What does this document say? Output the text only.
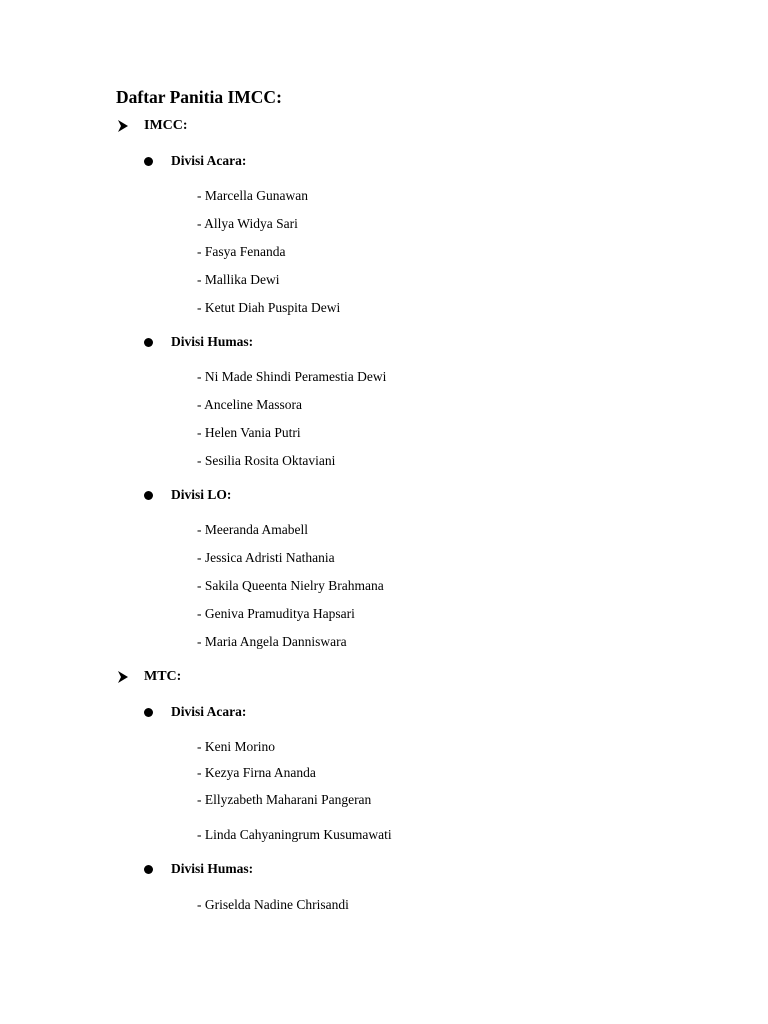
Daftar Panitia IMCC:
IMCC:
Divisi Acara:
- Marcella Gunawan
- Allya Widya Sari
- Fasya Fenanda
- Mallika Dewi
- Ketut Diah Puspita Dewi
Divisi Humas:
- Ni Made Shindi Peramestia Dewi
- Anceline Massora
- Helen Vania Putri
- Sesilia Rosita Oktaviani
Divisi LO:
- Meeranda Amabell
- Jessica Adristi Nathania
- Sakila Queenta Nielry Brahmana
- Geniva Pramuditya Hapsari
- Maria Angela Danniswara
MTC:
Divisi Acara:
- Keni Morino
- Kezya Firna Ananda
- Ellyzabeth Maharani Pangeran
- Linda Cahyaningrum Kusumawati
Divisi Humas:
- Griselda Nadine Chrisandi
